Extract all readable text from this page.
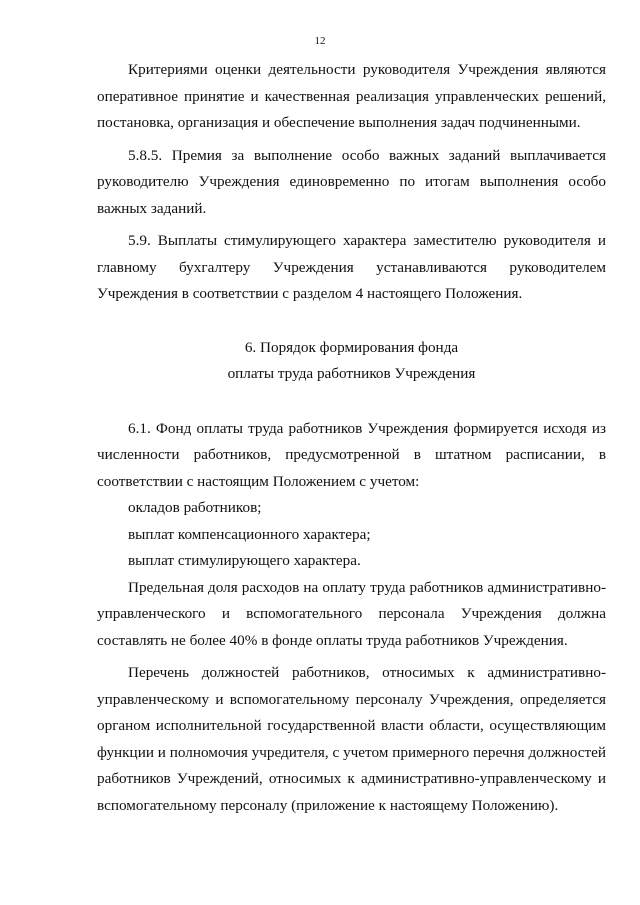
12

Критериями оценки деятельности руководителя Учреждения являются оперативное принятие и качественная реализация управленческих решений, постановка, организация и обеспечение выполнения задач подчиненными.

5.8.5. Премия за выполнение особо важных заданий выплачивается руководителю Учреждения единовременно по итогам выполнения особо важных заданий.

5.9. Выплаты стимулирующего характера заместителю руководителя и главному бухгалтеру Учреждения устанавливаются руководителем Учреждения в соответствии с разделом 4 настоящего Положения.

6. Порядок формирования фонда

оплаты труда работников Учреждения

6.1. Фонд оплаты труда работников Учреждения формируется исходя из численности работников, предусмотренной в штатном расписании, в соответствии с настоящим Положением с учетом:

окладов работников;

выплат компенсационного характера;

выплат стимулирующего характера.

Предельная доля расходов на оплату труда работников административно-управленческого и вспомогательного персонала Учреждения должна составлять не более 40% в фонде оплаты труда работников Учреждения.

Перечень должностей работников, относимых к административно-управленческому и вспомогательному персоналу Учреждения, определяется органом исполнительной государственной власти области, осуществляющим функции и полномочия учредителя, с учетом примерного перечня должностей работников Учреждений, относимых к административно-управленческому и вспомогательному персоналу (приложение к настоящему Положению).
